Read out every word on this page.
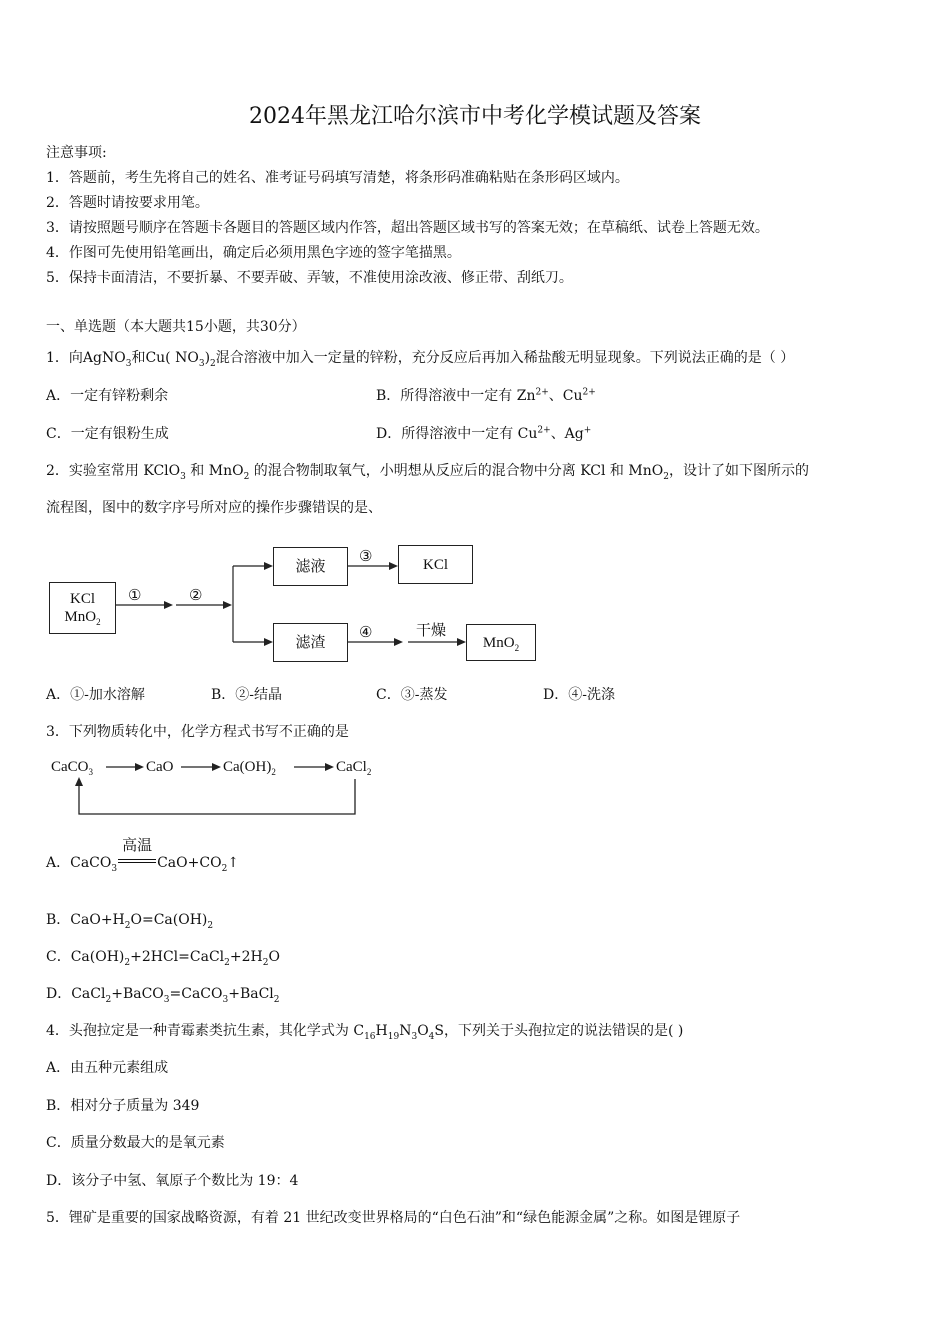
2024年黑龙江哈尔滨市中考化学模试题及答案
注意事项:
1．答题前，考生先将自己的姓名、准考证号码填写清楚，将条形码准确粘贴在条形码区域内。
2．答题时请按要求用笔。
3．请按照题号顺序在答题卡各题目的答题区域内作答，超出答题区域书写的答案无效；在草稿纸、试卷上答题无效。
4．作图可先使用铅笔画出，确定后必须用黑色字迹的签字笔描黑。
5．保持卡面清洁，不要折暴、不要弄破、弄皱，不准使用涂改液、修正带、刮纸刀。
一、单选题（本大题共15小题，共30分）
1．向AgNO$_3$和Cu( $NO_3)_2$混合溶液中加入一定量的锌粉，充分反应后再加入稀盐酸无明显现象。下列说法正确的是（ ）
A．一定有锌粉剩余	B．所得溶液中一定有 $Zn^{2+}$、$Cu^{2+}$
C．一定有银粉生成	D．所得溶液中一定有 $Cu^{2+}$、Ag+
2．实验室常用 KClO$_3$ 和 MnO$_2$ 的混合物制取氧气，小明想从反应后的混合物中分离 KCl 和 MnO$_2$，设计了如下图所示的
流程图，图中的数字序号所对应的操作步骤错误的是、
KCl
MnO$_2$
①	②
滤液
③	KCl
滤渣
④	干燥
MnO$_2$
A．①-加水溶解	B．②-结晶	C．③-蒸发	D．④-洗涤
3．下列物质转化中，化学方程式书写不正确的是
CaCO$_3$	CaO	$Ca(OH)_2$	CaCl$_2$
A．CaCO$_3$
高温
$CaO+CO_2↑$
B．$CaO+H_2O=Ca(OH)_2$
C．$Ca(OH)_2+2HCl=CaCl_2+2H_2O$
D．CaCl$_2$+BaCO$_3$=CaCO$_3$+BaCl$_2$
4．头孢拉定是一种青霉素类抗生素，其化学式为 $C_{16}H_{19}N_3O_4S$，下列关于头孢拉定的说法错误的是( )
A．由五种元素组成
B．相对分子质量为 349
C．质量分数最大的是氧元素
D．该分子中氢、氧原子个数比为 19：4
5．锂矿是重要的国家战略资源，有着 21 世纪改变世界格局的“白色石油”和“绿色能源金属”之称。如图是锂原子
